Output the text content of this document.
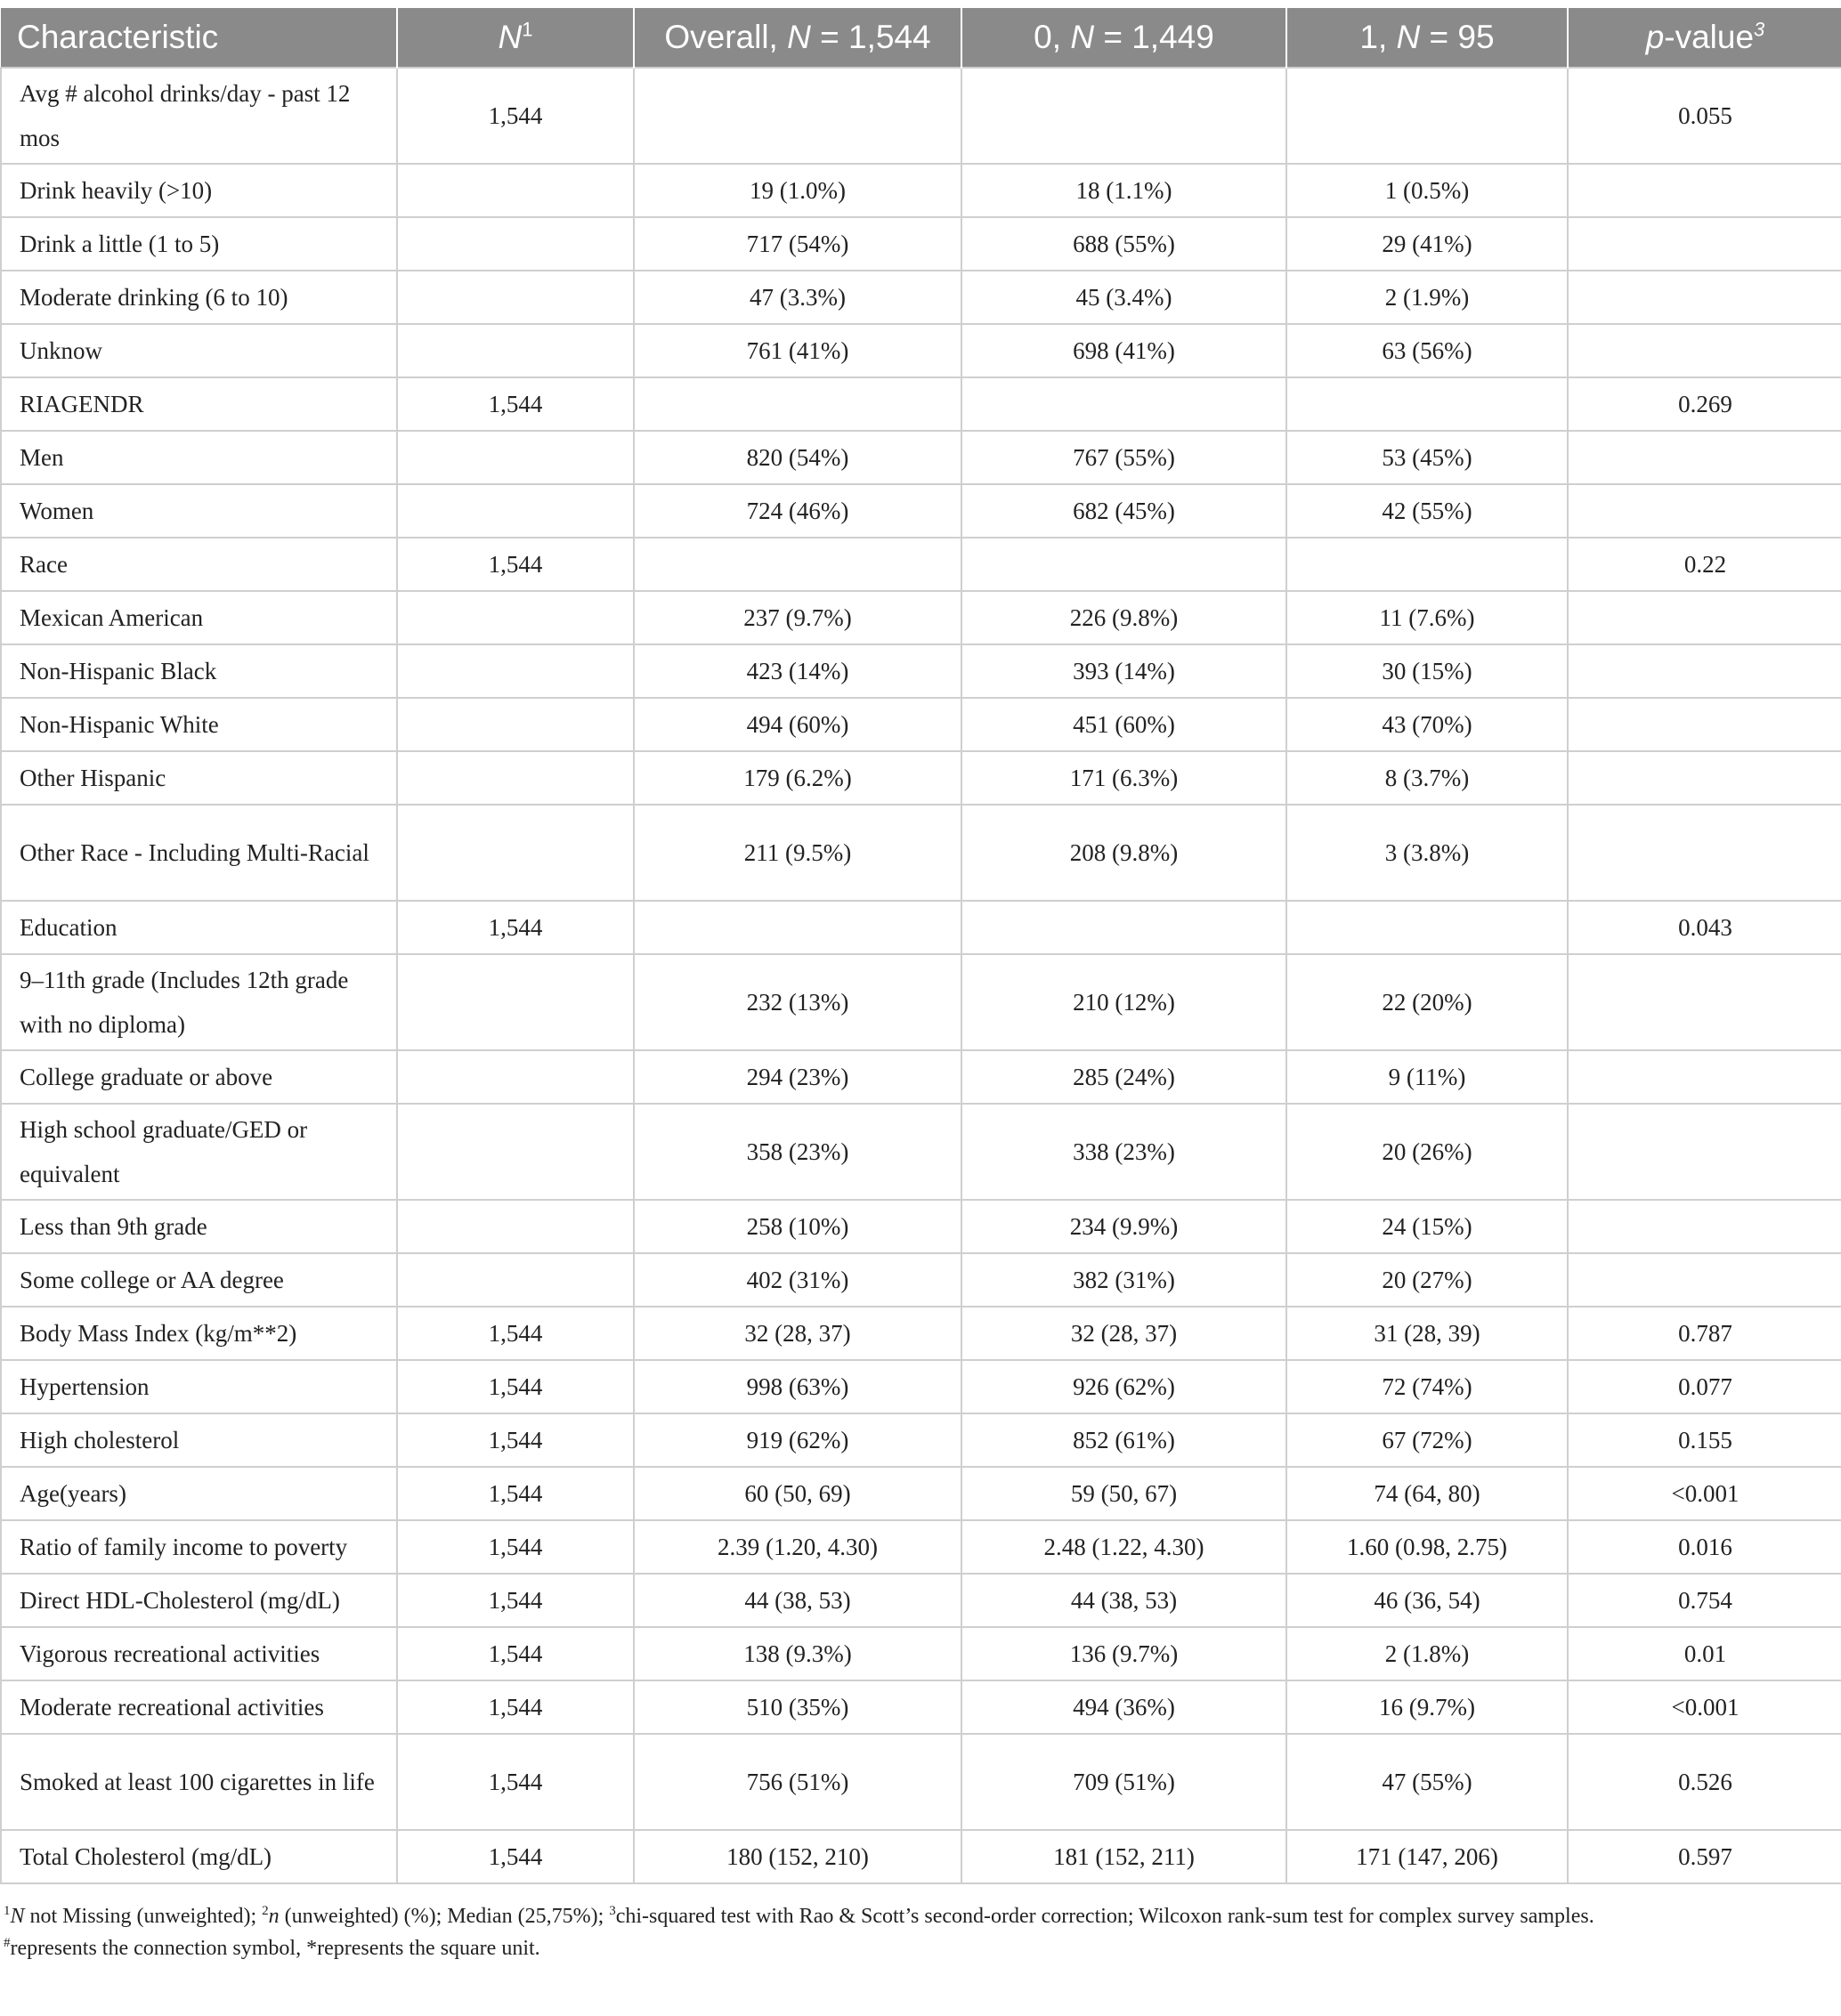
Characteristic	$N^1$	Overall, N = 1,544	0, N = 1,449	1, N = 95	p-value$^3$
Avg # alcohol drinks/day - past 12 mos	1,544				0.055
Drink heavily (>10)		19 (1.0%)	18 (1.1%)	1 (0.5%)	
Drink a little (1 to 5)		717 (54%)	688 (55%)	29 (41%)	
Moderate drinking (6 to 10)		47 (3.3%)	45 (3.4%)	2 (1.9%)	
Unknow		761 (41%)	698 (41%)	63 (56%)	
RIAGENDR	1,544				0.269
Men		820 (54%)	767 (55%)	53 (45%)	
Women		724 (46%)	682 (45%)	42 (55%)	
Race	1,544				0.22
Mexican American		237 (9.7%)	226 (9.8%)	11 (7.6%)	
Non-Hispanic Black		423 (14%)	393 (14%)	30 (15%)	
Non-Hispanic White		494 (60%)	451 (60%)	43 (70%)	
Other Hispanic		179 (6.2%)	171 (6.3%)	8 (3.7%)	
Other Race - Including Multi-Racial		211 (9.5%)	208 (9.8%)	3 (3.8%)	
Education	1,544				0.043
9–11th grade (Includes 12th grade with no diploma)		232 (13%)	210 (12%)	22 (20%)	
College graduate or above		294 (23%)	285 (24%)	9 (11%)	
High school graduate/GED or equivalent		358 (23%)	338 (23%)	20 (26%)	
Less than 9th grade		258 (10%)	234 (9.9%)	24 (15%)	
Some college or AA degree		402 (31%)	382 (31%)	20 (27%)	
Body Mass Index (kg/m**2)	1,544	32 (28, 37)	32 (28, 37)	31 (28, 39)	0.787
Hypertension	1,544	998 (63%)	926 (62%)	72 (74%)	0.077
High cholesterol	1,544	919 (62%)	852 (61%)	67 (72%)	0.155
Age(years)	1,544	60 (50, 69)	59 (50, 67)	74 (64, 80)	<0.001
Ratio of family income to poverty	1,544	2.39 (1.20, 4.30)	2.48 (1.22, 4.30)	1.60 (0.98, 2.75)	0.016
Direct HDL-Cholesterol (mg/dL)	1,544	44 (38, 53)	44 (38, 53)	46 (36, 54)	0.754
Vigorous recreational activities	1,544	138 (9.3%)	136 (9.7%)	2 (1.8%)	0.01
Moderate recreational activities	1,544	510 (35%)	494 (36%)	16 (9.7%)	<0.001
Smoked at least 100 cigarettes in life	1,544	756 (51%)	709 (51%)	47 (55%)	0.526
Total Cholesterol (mg/dL)	1,544	180 (152, 210)	181 (152, 211)	171 (147, 206)	0.597
$^1$N not Missing (unweighted); $^2$n (unweighted) (%); Median (25,75%); $^3$chi-squared test with Rao & Scott’s second-order correction; Wilcoxon rank-sum test for complex survey samples.
#represents the connection symbol, *represents the square unit.
